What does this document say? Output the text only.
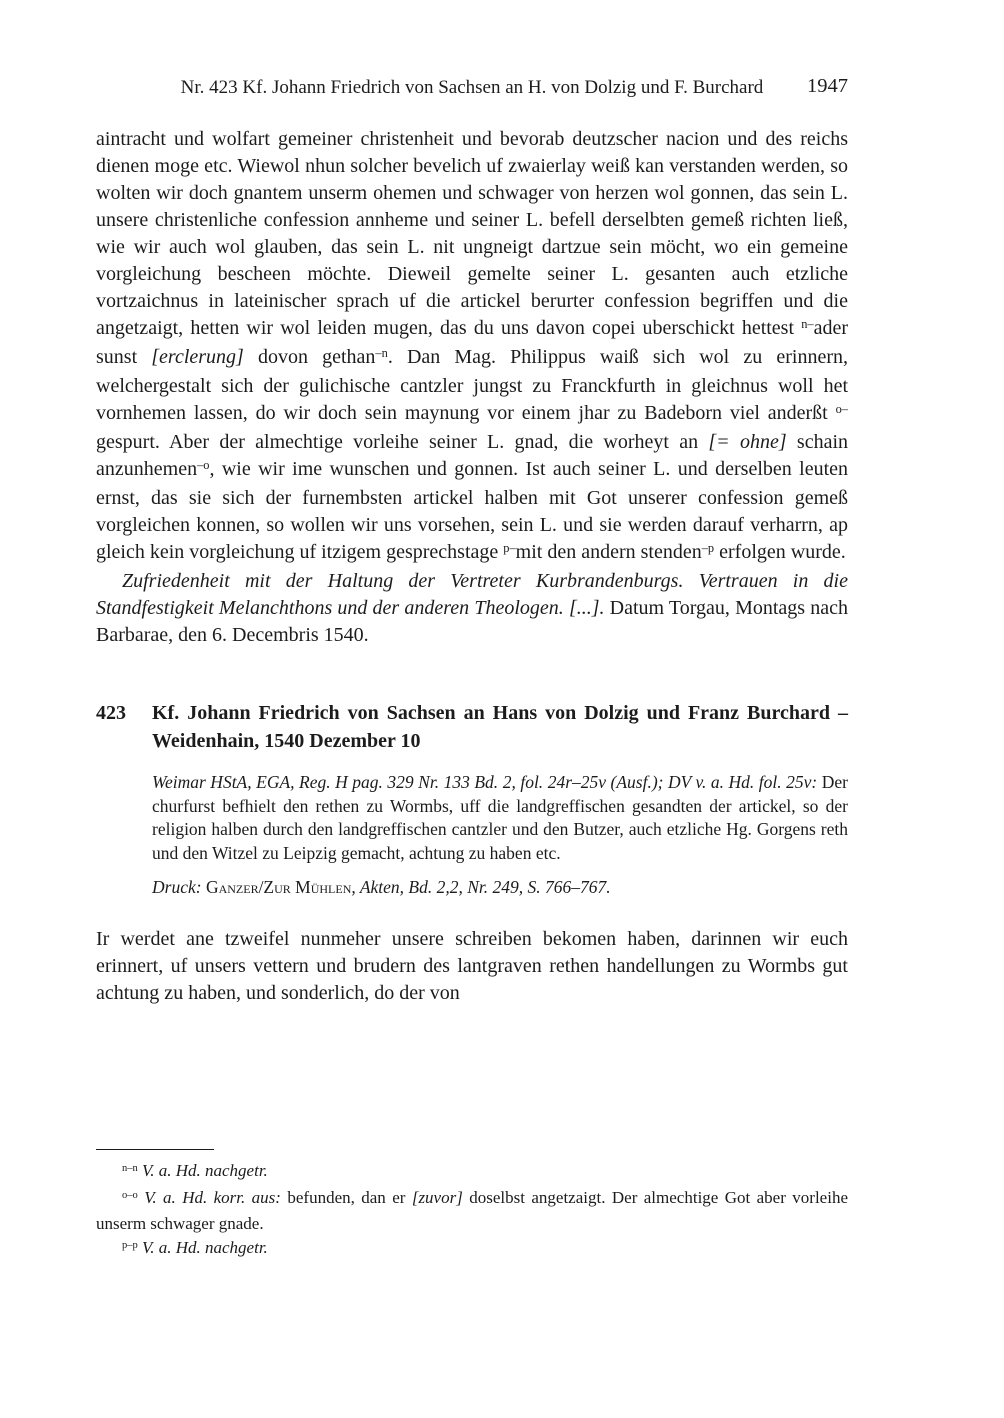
Nr. 423 Kf. Johann Friedrich von Sachsen an H. von Dolzig und F. Burchard 1947

aintracht und wolfart gemeiner christenheit und bevorab deutzscher nacion und des reichs dienen moge etc. Wiewol nhun solcher bevelich uf zwaierlay weiß kan verstanden werden, so wolten wir doch gnantem unserm ohemen und schwager von herzen wol gonnen, das sein L. unsere christenliche confession annheme und seiner L. befell derselbten gemeß richten ließ, wie wir auch wol glauben, das sein L. nit ungneigt dartzue sein möcht, wo ein gemeine vorgleichung bescheen möchte. Dieweil gemelte seiner L. gesanten auch etzliche vortzaichnus in lateinischer sprach uf die artickel berurter confession begriffen und die angetzaigt, hetten wir wol leiden mugen, das du uns davon copei uberschickt hettest $^{n-}$ader sunst [erclerung] dovon gethan$^{-n}$. Dan Mag. Philippus waiß sich wol zu erinnern, welchergestalt sich der gulichische cantzler jungst zu Franckfurth in gleichnus woll het vornhemen lassen, do wir doch sein maynung vor einem jhar zu Badeborn viel anderßt $^{o-}$gespurt. Aber der almechtige vorleihe seiner L. gnad, die worheyt an [= ohne] schain anzunhemen$^{-o}$, wie wir ime wunschen und gonnen. Ist auch seiner L. und derselben leuten ernst, das sie sich der furnembsten artickel halben mit Got unserer confession gemeß vorgleichen konnen, so wollen wir uns vorsehen, sein L. und sie werden darauf verharrn, ap gleich kein vorgleichung uf itzigem gesprechstage $^{p-}$mit den andern stenden$^{-p}$ erfolgen wurde.

Zufriedenheit mit der Haltung der Vertreter Kurbrandenburgs. Vertrauen in die Standfestigkeit Melanchthons und der anderen Theologen. [...]. Datum Torgau, Montags nach Barbarae, den 6. Decembris 1540.

423	Kf. Johann Friedrich von Sachsen an Hans von Dolzig und Franz Burchard – Weidenhain, 1540 Dezember 10

Weimar HStA, EGA, Reg. H pag. 329 Nr. 133 Bd. 2, fol. 24r–25v (Ausf.); DV v. a. Hd. fol. 25v: Der churfurst befhielt den rethen zu Wormbs, uff die landgreffischen gesandten der artickel, so der religion halben durch den landgreffischen cantzler und den Butzer, auch etzliche Hg. Gorgens reth und den Witzel zu Leipzig gemacht, achtung zu haben etc.

Druck: Ganzer/Zur Mühlen, Akten, Bd. 2,2, Nr. 249, S. 766–767.

Ir werdet ane tzweifel nunmeher unsere schreiben bekomen haben, darinnen wir euch erinnert, uf unsers vettern und brudern des lantgraven rethen handellungen zu Wormbs gut achtung zu haben, und sonderlich, do der von

$^{n-n}$ V. a. Hd. nachgetr.

$^{o-o}$ V. a. Hd. korr. aus: befunden, dan er [zuvor] doselbst angetzaigt. Der almechtige Got aber vorleihe unserm schwager gnade.

$^{p-p}$ V. a. Hd. nachgetr.
